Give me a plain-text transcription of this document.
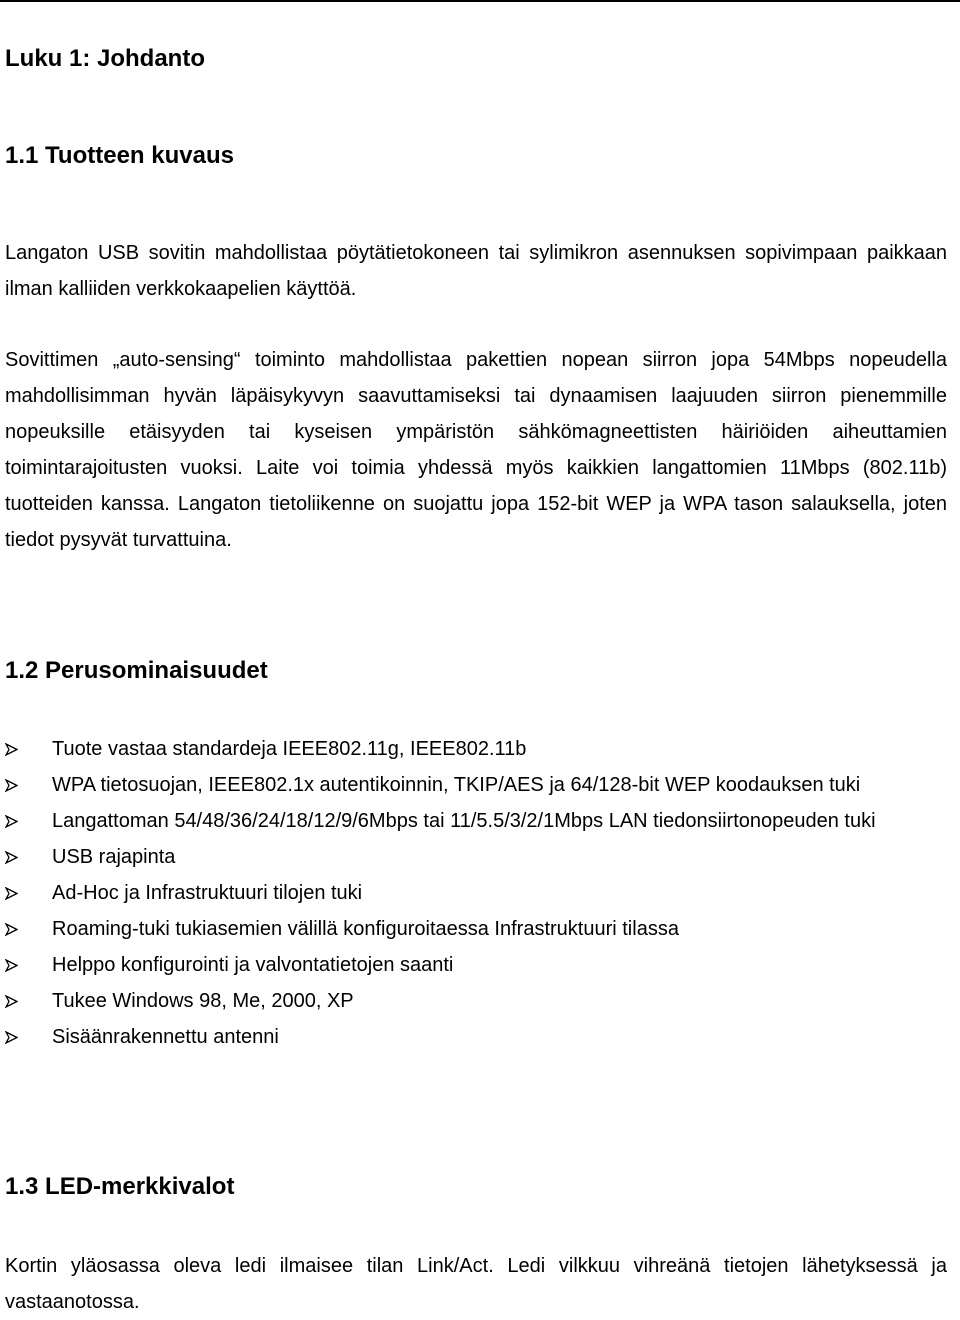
Luku 1: Johdanto
1.1 Tuotteen kuvaus

Langaton USB sovitin mahdollistaa pöytätietokoneen tai sylimikron asennuksen sopivimpaan paikkaan ilman kalliiden verkkokaapelien käyttöä.

Sovittimen „auto-sensing“ toiminto mahdollistaa pakettien nopean siirron jopa 54Mbps nopeudella mahdollisimman hyvän läpäisykyvyn saavuttamiseksi tai dynaamisen laajuuden siirron pienemmille nopeuksille etäisyyden tai kyseisen ympäristön sähkömagneettisten häiriöiden aiheuttamien toimintarajoitusten vuoksi. Laite voi toimia yhdessä myös kaikkien langattomien 11Mbps (802.11b) tuotteiden kanssa. Langaton tietoliikenne on suojattu jopa 152-bit WEP ja WPA tason salauksella, joten tiedot pysyvät turvattuina.

1.2 Perusominaisuudet
Tuote vastaa standardeja IEEE802.11g, IEEE802.11b
WPA tietosuojan, IEEE802.1x autentikoinnin, TKIP/AES ja 64/128-bit WEP koodauksen tuki
Langattoman 54/48/36/24/18/12/9/6Mbps tai 11/5.5/3/2/1Mbps LAN tiedonsiirtonopeuden tuki
USB rajapinta
Ad-Hoc ja Infrastruktuuri tilojen tuki
Roaming-tuki tukiasemien välillä konfiguroitaessa Infrastruktuuri tilassa
Helppo konfigurointi ja valvontatietojen saanti
Tukee Windows 98, Me, 2000, XP
Sisäänrakennettu antenni
1.3 LED-merkkivalot

Kortin yläosassa oleva ledi ilmaisee tilan Link/Act. Ledi vilkkuu vihreänä tietojen lähetyksessä ja vastaanotossa.
